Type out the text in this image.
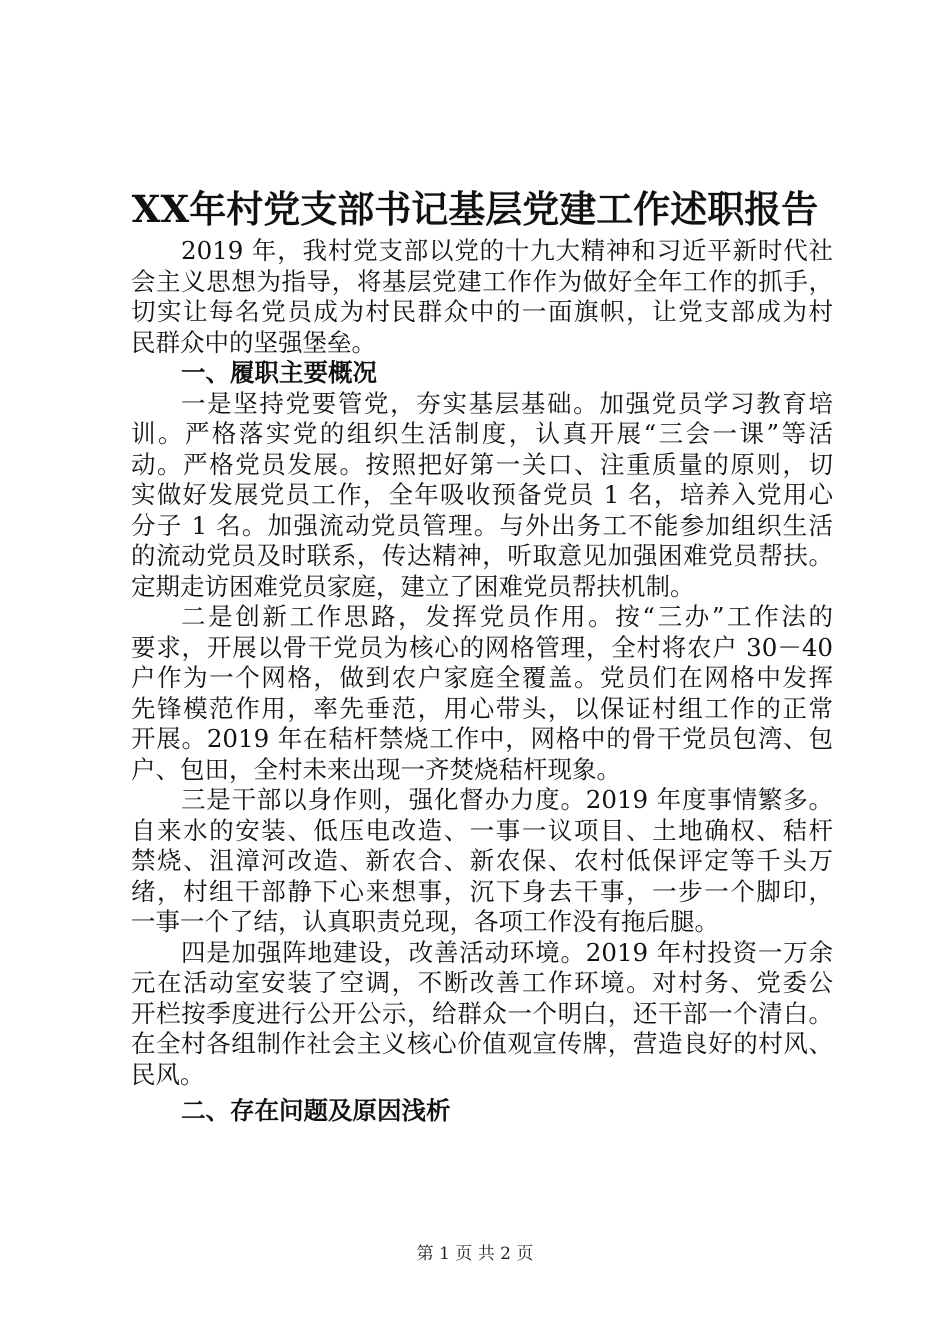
XX年村党支部书记基层党建工作述职报告
2019 年，我村党支部以党的十九大精神和习近平新时代社
会主义思想为指导，将基层党建工作作为做好全年工作的抓手，
切实让每名党员成为村民群众中的一面旗帜，让党支部成为村
民群众中的坚强堡垒。
一、履职主要概况
一是坚持党要管党，夯实基层基础。加强党员学习教育培
训。严格落实党的组织生活制度，认真开展“三会一课”等活
动。严格党员发展。按照把好第一关口、注重质量的原则，切
实做好发展党员工作，全年吸收预备党员 1 名，培养入党用心
分子 1 名。加强流动党员管理。与外出务工不能参加组织生活
的流动党员及时联系，传达精神，听取意见加强困难党员帮扶。
定期走访困难党员家庭，建立了困难党员帮扶机制。
二是创新工作思路，发挥党员作用。按“三办”工作法的
要求，开展以骨干党员为核心的网格管理，全村将农户 30－40
户作为一个网格，做到农户家庭全覆盖。党员们在网格中发挥
先锋模范作用，率先垂范，用心带头，以保证村组工作的正常
开展。2019 年在秸杆禁烧工作中，网格中的骨干党员包湾、包
户、包田，全村未来出现一齐焚烧秸杆现象。
三是干部以身作则，强化督办力度。2019 年度事情繁多。
自来水的安装、低压电改造、一事一议项目、土地确权、秸杆
禁烧、沮漳河改造、新农合、新农保、农村低保评定等千头万
绪，村组干部静下心来想事，沉下身去干事，一步一个脚印，
一事一个了结，认真职责兑现，各项工作没有拖后腿。
四是加强阵地建设，改善活动环境。2019 年村投资一万余
元在活动室安装了空调，不断改善工作环境。对村务、党委公
开栏按季度进行公开公示，给群众一个明白，还干部一个清白。
在全村各组制作社会主义核心价值观宣传牌，营造良好的村风、
民风。
二、存在问题及原因浅析
第 1 页 共 2 页
